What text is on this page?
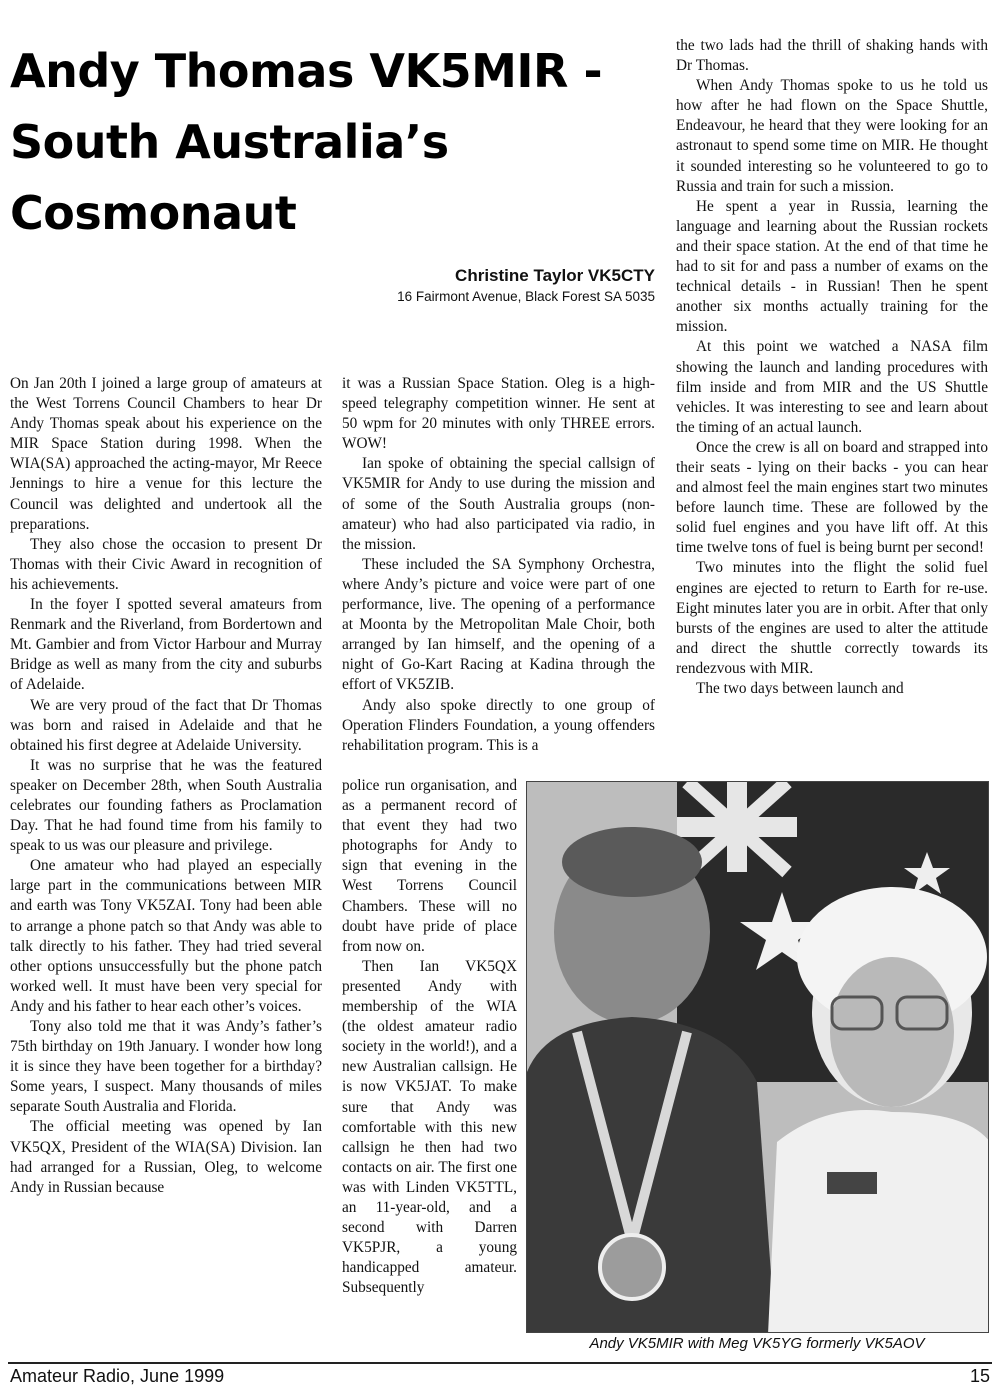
Andy Thomas VK5MIR -
South Australia’s
Cosmonaut
Christine Taylor VK5CTY
16 Fairmont Avenue, Black Forest SA 5035

On Jan 20th I joined a large group of amateurs at the West Torrens Council Chambers to hear Dr Andy Thomas speak about his experience on the MIR Space Station during 1998. When the WIA(SA) approached the acting-mayor, Mr Reece Jennings to hire a venue for this lecture the Council was delighted and undertook all the preparations.

They also chose the occasion to present Dr Thomas with their Civic Award in recognition of his achievements.

In the foyer I spotted several amateurs from Renmark and the Riverland, from Bordertown and Mt. Gambier and from Victor Harbour and Murray Bridge as well as many from the city and suburbs of Adelaide.

We are very proud of the fact that Dr Thomas was born and raised in Adelaide and that he obtained his first degree at Adelaide University.

It was no surprise that he was the featured speaker on December 28th, when South Australia celebrates our founding fathers as Proclamation Day. That he had found time from his family to speak to us was our pleasure and privilege.

One amateur who had played an especially large part in the communications between MIR and earth was Tony VK5ZAI. Tony had been able to arrange a phone patch so that Andy was able to talk directly to his father. They had tried several other options unsuccessfully but the phone patch worked well. It must have been very special for Andy and his father to hear each other’s voices.

Tony also told me that it was Andy’s father’s 75th birthday on 19th January. I wonder how long it is since they have been together for a birthday? Some years, I suspect. Many thousands of miles separate South Australia and Florida.

The official meeting was opened by Ian VK5QX, President of the WIA(SA) Division. Ian had arranged for a Russian, Oleg, to welcome Andy in Russian because

it was a Russian Space Station. Oleg is a high-speed telegraphy competition winner. He sent at 50 wpm for 20 minutes with only THREE errors. WOW!

Ian spoke of obtaining the special callsign of VK5MIR for Andy to use during the mission and of some of the South Australia groups (non-amateur) who had also participated via radio, in the mission.

These included the SA Symphony Orchestra, where Andy’s picture and voice were part of one performance, live. The opening of a performance at Moonta by the Metropolitan Male Choir, both arranged by Ian himself, and the opening of a night of Go-Kart Racing at Kadina through the effort of VK5ZIB.

Andy also spoke directly to one group of Operation Flinders Foundation, a young offenders rehabilitation program. This is a

police run organisation, and as a permanent record of that event they had two photographs for Andy to sign that evening in the West Torrens Council Chambers. These will no doubt have pride of place from now on.

Then Ian VK5QX presented Andy with membership of the WIA (the oldest amateur radio society in the world!), and a new Australian callsign. He is now VK5JAT. To make sure that Andy was comfortable with this new callsign he then had two contacts on air. The first one was with Linden VK5TTL, an 11-year-old, and a second with Darren VK5PJR, a young handicapped amateur. Subsequently

the two lads had the thrill of shaking hands with Dr Thomas.

When Andy Thomas spoke to us he told us how after he had flown on the Space Shuttle, Endeavour, he heard that they were looking for an astronaut to spend some time on MIR. He thought it sounded interesting so he volunteered to go to Russia and train for such a mission.

He spent a year in Russia, learning the language and learning about the Russian rockets and their space station. At the end of that time he had to sit for and pass a number of exams on the technical details - in Russian! Then he spent another six months actually training for the mission.

At this point we watched a NASA film showing the launch and landing procedures with film inside and from MIR and the US Shuttle vehicles. It was interesting to see and learn about the timing of an actual launch.

Once the crew is all on board and strapped into their seats - lying on their backs - you can hear and almost feel the main engines start two minutes before launch time. These are followed by the solid fuel engines and you have lift off. At this time twelve tons of fuel is being burnt per second!

Two minutes into the flight the solid fuel engines are ejected to return to Earth for re-use. Eight minutes later you are in orbit. After that only bursts of the engines are used to alter the attitude and direct the shuttle correctly towards its rendezvous with MIR.

The two days between launch and

Andy VK5MIR with Meg VK5YG formerly VK5AOV
Amateur Radio, June 1999	15
